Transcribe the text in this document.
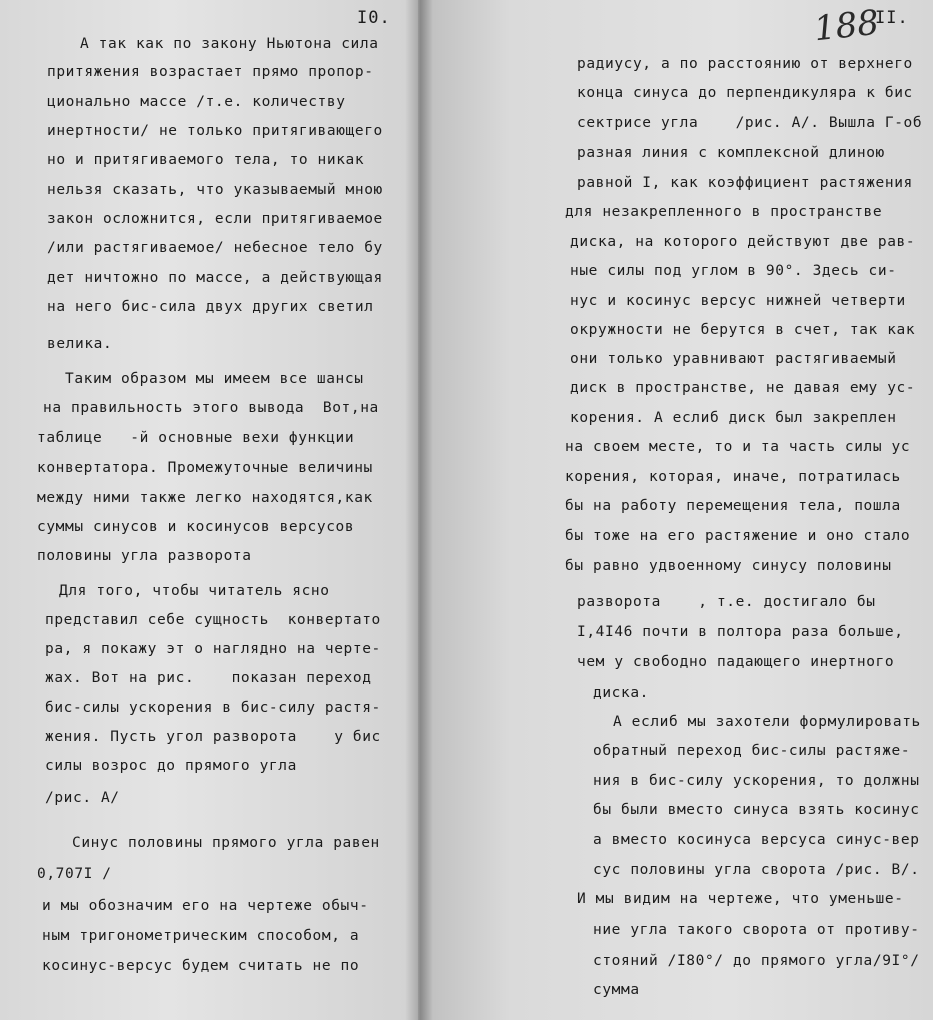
I0.	II.
188
А так как по закону Ньютона сила
притяжения возрастает прямо пропор-
ционально массе /т.е. количеству
инертности/ не только притягивающего
но и притягиваемого тела, то никак
нельзя сказать, что указываемый мною
закон осложнится, если притягиваемое
/или растягиваемое/ небесное тело бу
дет ничтожно по массе, а действующая
на него бис-сила двух других светил
велика.
Таким образом мы имеем все шансы
на правильность этого вывода  Вот,на
таблице   -й основные вехи функции
конвертатора. Промежуточные величины
между ними также легко находятся,как
суммы синусов и косинусов версусов
половины угла разворота
Для того, чтобы читатель ясно
представил себе сущность  конвертато
ра, я покажу эт о наглядно на черте-
жах. Вот на рис.    показан переход
бис-силы ускорения в бис-силу растя-
жения. Пусть угол разворота    у бис
силы возрос до прямого угла
/рис. А/
Синус половины прямого угла равен
0,707I /
и мы обозначим его на чертеже обыч-
ным тригонометрическим способом, а
косинус-версус будем считать не по
радиусу, а по расстоянию от верхнего
конца синуса до перпендикуляра к бис
сектрисе угла    /рис. А/. Вышла Г-об
разная линия с комплексной длиною
равной I, как коэффициент растяжения
для незакрепленного в пространстве
диска, на которого действуют две рав-
ные силы под углом в 90°. Здесь си-
нус и косинус версус нижней четверти
окружности не берутся в счет, так как
они только уравнивают растягиваемый
диск в пространстве, не давая ему ус-
корения. А еслиб диск был закреплен
на своем месте, то и та часть силы ус
корения, которая, иначе, потратилась
бы на работу перемещения тела, пошла
бы тоже на его растяжение и оно стало
бы равно удвоенному синусу половины
разворота    , т.е. достигало бы
I,4I46 почти в полтора раза больше,
чем у свободно падающего инертного
диска.
А еслиб мы захотели формулировать
обратный переход бис-силы растяже-
ния в бис-силу ускорения, то должны
бы были вместо синуса взять косинус
а вместо косинуса версуса синус-вер
сус половины угла сворота /рис. В/.
И мы видим на чертеже, что уменьше-
ние угла такого сворота от противу-
стояний /I80°/ до прямого угла/9I°/
сумма
